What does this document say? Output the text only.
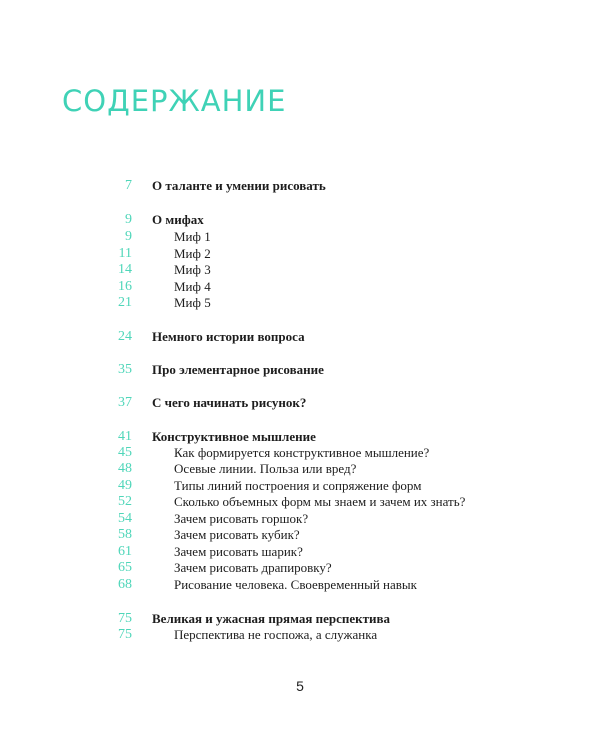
СОДЕРЖАНИЕ
7 О таланте и умении рисовать
9 О мифах
9	Миф 1
11	Миф 2
14	Миф 3
16	Миф 4
21	Миф 5
24 Немного истории вопроса
35 Про элементарное рисование
37 С чего начинать рисунок?
41 Конструктивное мышление
45	Как формируется конструктивное мышление?
48	Осевые линии. Польза или вред?
49	Типы линий построения и сопряжение форм
52	Сколько объемных форм мы знаем и зачем их знать?
54	Зачем рисовать горшок?
58	Зачем рисовать кубик?
61	Зачем рисовать шарик?
65	Зачем рисовать драпировку?
68	Рисование человека. Своевременный навык
75 Великая и ужасная прямая перспектива
75	Перспектива не госпожа, а служанка
5
